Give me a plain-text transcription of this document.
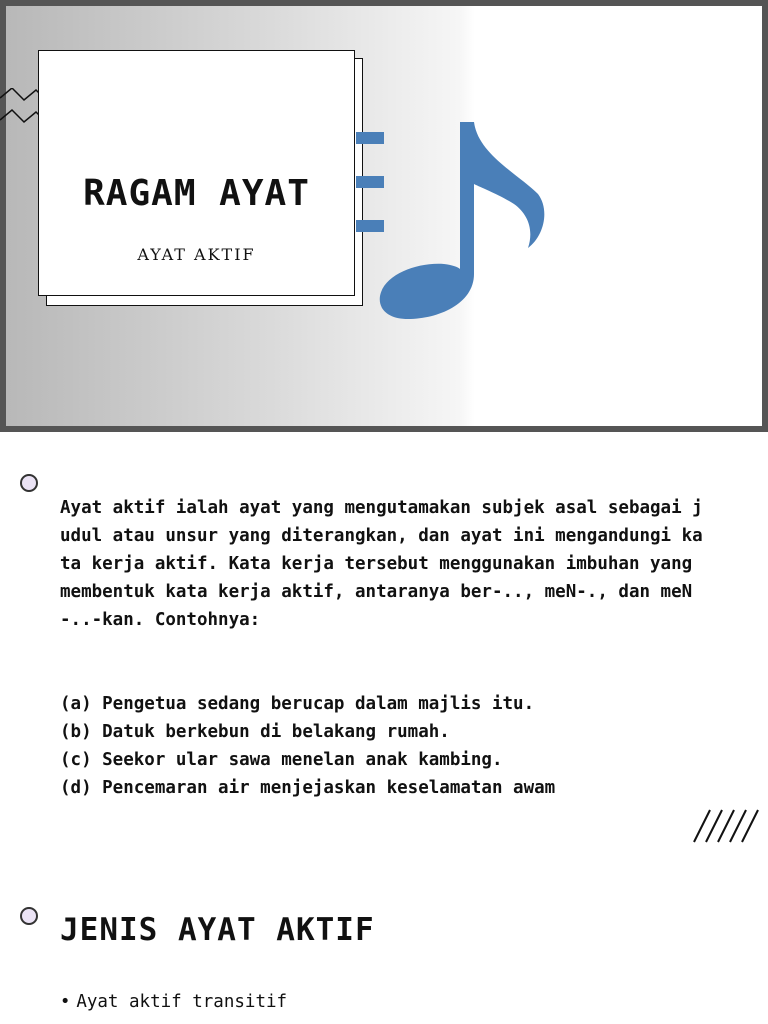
RAGAM AYAT
AYAT AKTIF
Ayat aktif ialah ayat yang mengutamakan subjek asal sebagai judul atau unsur yang diterangkan, dan ayat ini mengandungi kata kerja aktif. Kata kerja tersebut menggunakan imbuhan yang membentuk kata kerja aktif, antaranya ber-.., meN-., dan meN-..-kan. Contohnya:
(a) Pengetua sedang berucap dalam majlis itu.
(b) Datuk berkebun di belakang rumah.
(c) Seekor ular sawa menelan anak kambing.
(d) Pencemaran air menjejaskan keselamatan awam
JENIS AYAT AKTIF
• Ayat aktif transitif
